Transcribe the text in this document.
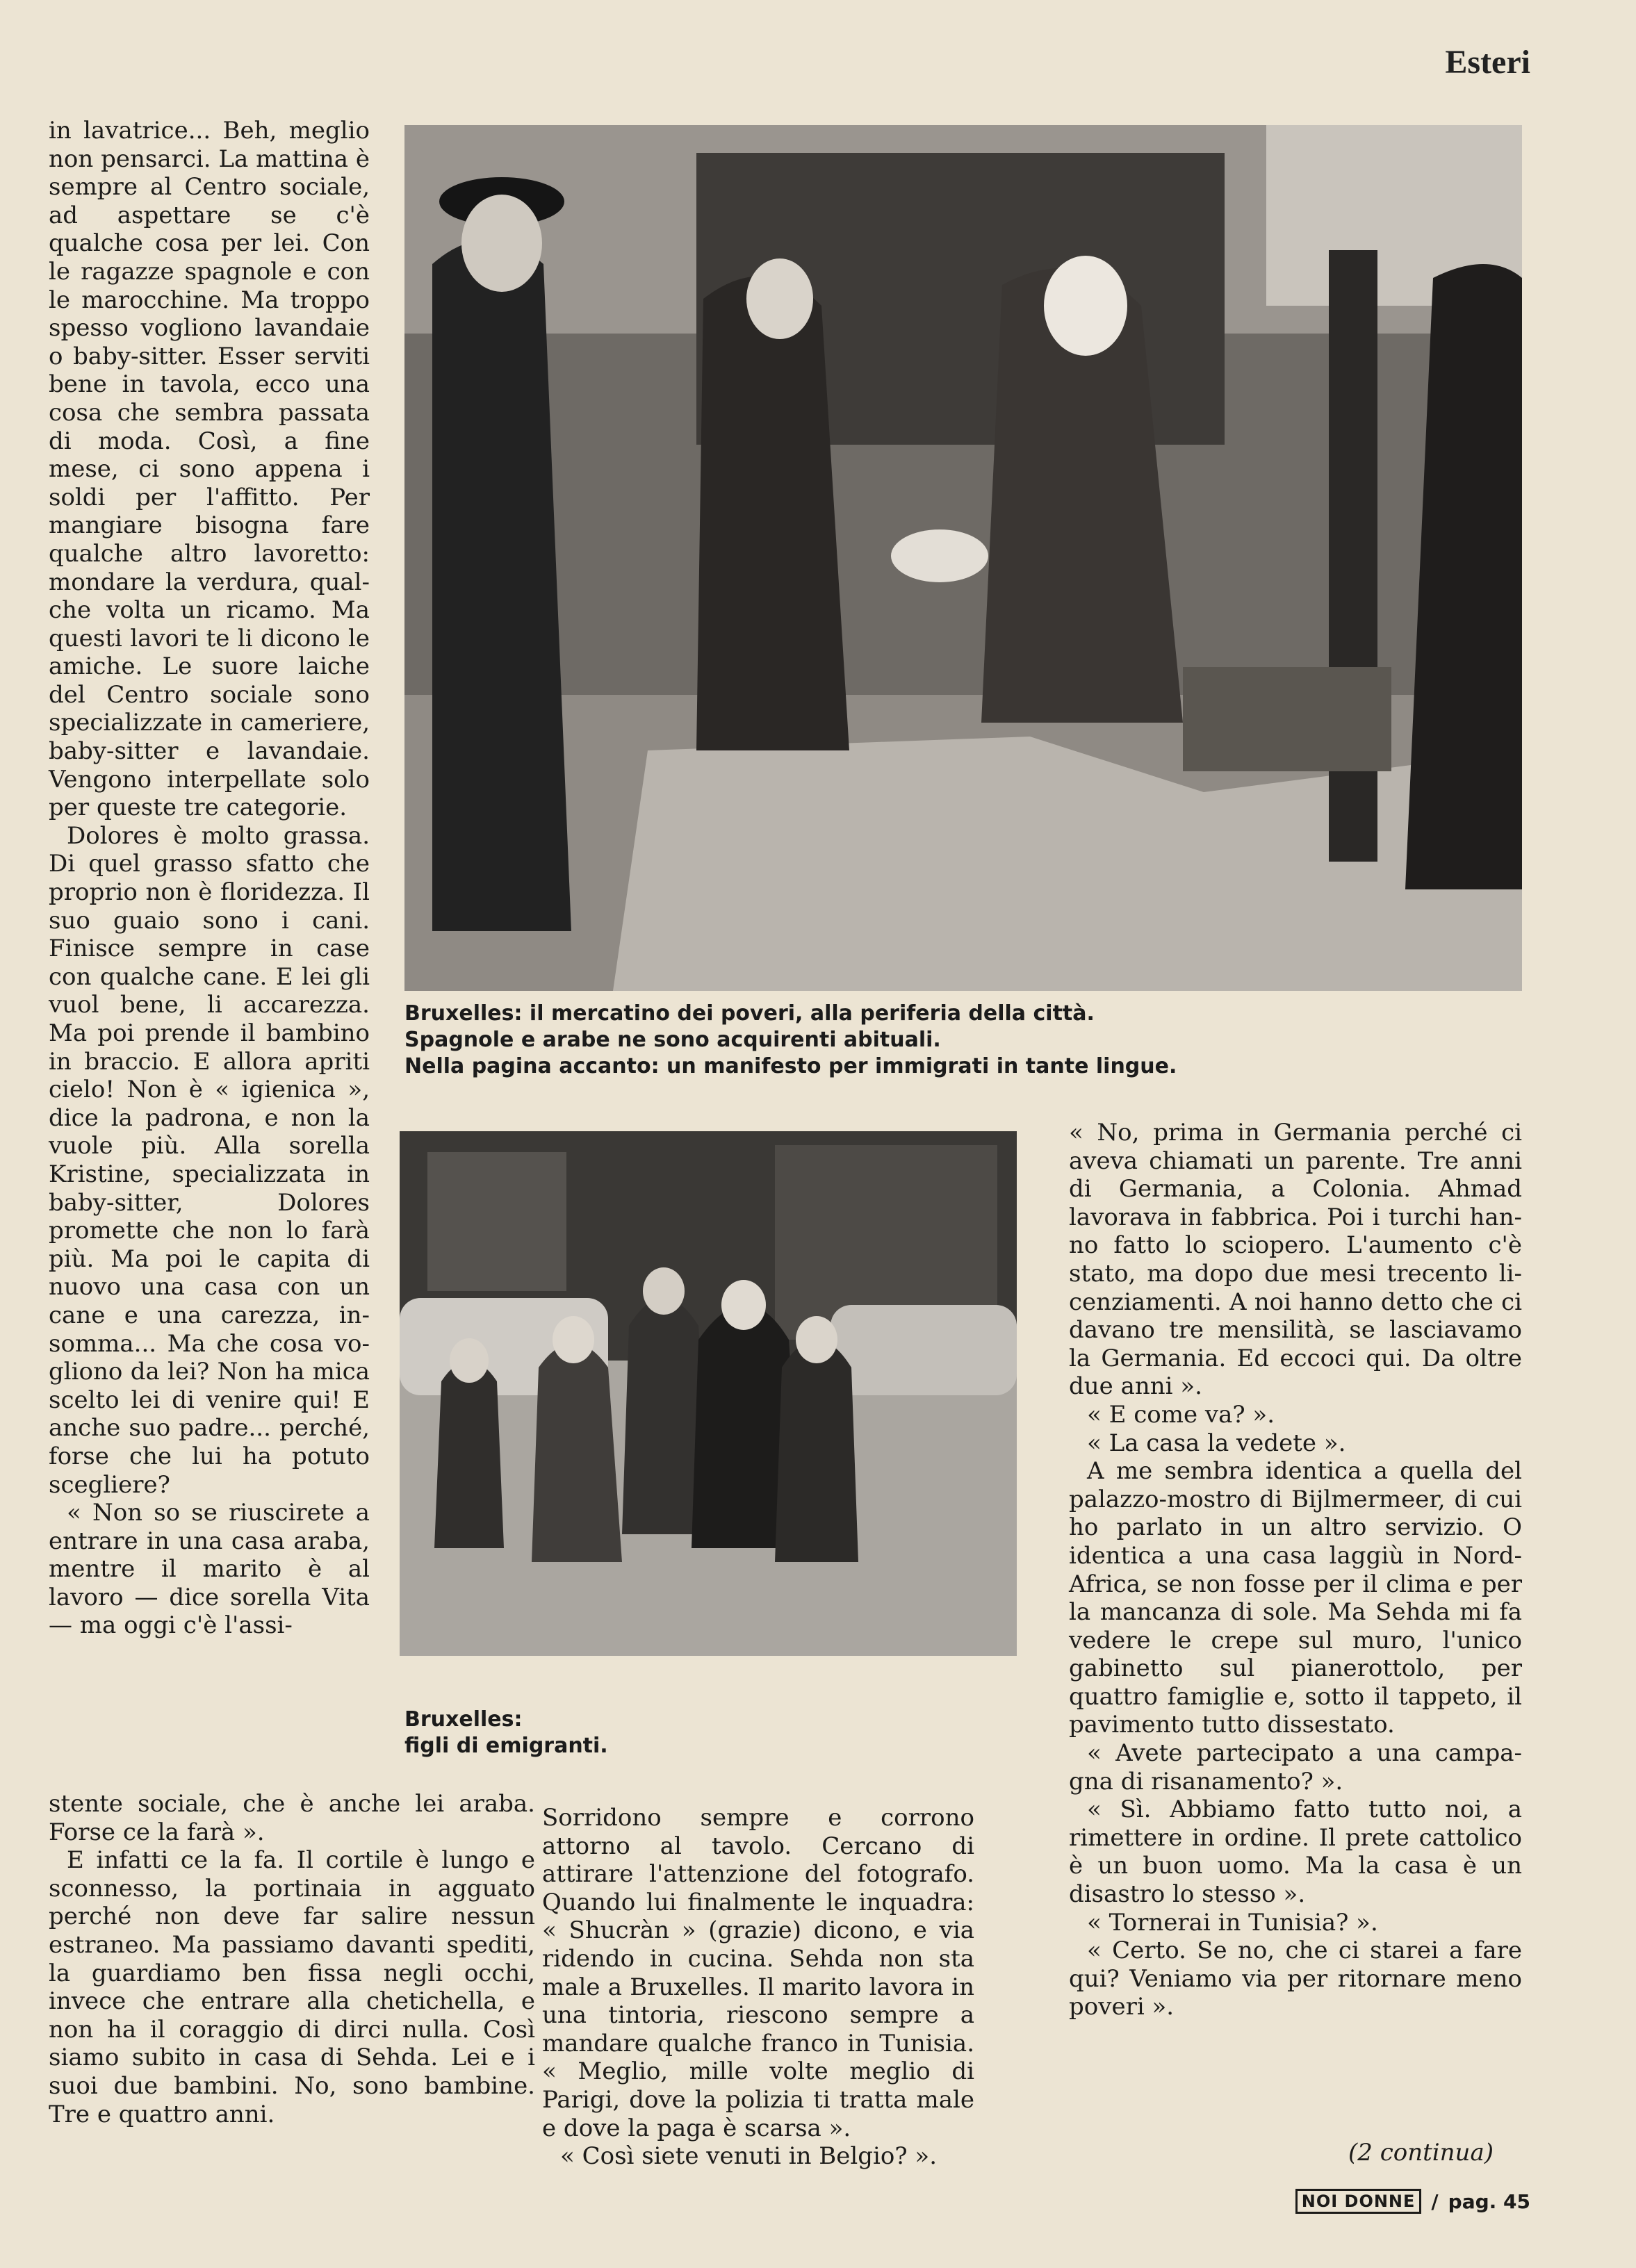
Esteri

in lavatrice... Beh, meglio non pensarci. La mattina è sempre al Centro sociale, ad aspettare se c'è qualche cosa per lei. Con le ragazze spagnole e con le marocchine. Ma troppo spesso vogliono lavandaie o baby-sitter. Esser serviti bene in tavola, ecco una cosa che sembra passata di moda. Così, a fine mese, ci sono appena i soldi per l'affitto. Per mangiare bisogna fare qualche altro lavoretto: mondare la verdura, qualche volta un ricamo. Ma questi lavori te li dicono le amiche. Le suore laiche del Centro sociale sono specializzate in cameriere, baby-sitter e lavandaie. Vengono interpellate solo per queste tre categorie.

Dolores è molto grassa. Di quel grasso sfatto che proprio non è floridezza. Il suo guaio sono i cani. Finisce sempre in case con qualche cane. E lei gli vuol bene, li accarezza. Ma poi prende il bambino in braccio. E allora apriti cielo! Non è « igienica », dice la padrona, e non la vuole più. Alla sorella Kristine, specializzata in baby-sitter, Dolores promette che non lo farà più. Ma poi le capita di nuovo una casa con un cane e una carezza, insomma... Ma che cosa vogliono da lei? Non ha mica scelto lei di venire qui! E anche suo padre... perché, forse che lui ha potuto scegliere?

« Non so se riuscirete a entrare in una casa araba, mentre il marito è al lavoro — dice sorella Vita — ma oggi c'è l'assi-

Bruxelles: il mercatino dei poveri, alla periferia della città.
Spagnole e arabe ne sono acquirenti abituali.
Nella pagina accanto: un manifesto per immigrati in tante lingue.
Bruxelles:
figli di emigranti.

stente sociale, che è anche lei araba. Forse ce la farà ».

E infatti ce la fa. Il cortile è lungo e sconnesso, la portinaia in agguato perché non deve far salire nessun estraneo. Ma passiamo davanti spediti, la guardiamo ben fissa negli occhi, invece che entrare alla chetichella, e non ha il coraggio di dirci nulla. Così siamo subito in casa di Sehda. Lei e i suoi due bambini. No, sono bambine. Tre e quattro anni.

Sorridono sempre e corrono attorno al tavolo. Cercano di attirare l'attenzione del fotografo. Quando lui finalmente le inquadra: « Shucràn » (grazie) dicono, e via ridendo in cucina. Sehda non sta male a Bruxelles. Il marito lavora in una tintoria, riescono sempre a mandare qualche franco in Tunisia. « Meglio, mille volte meglio di Parigi, dove la polizia ti tratta male e dove la paga è scarsa ».

« Così siete venuti in Belgio? ».

« No, prima in Germania perché ci aveva chiamati un parente. Tre anni di Germania, a Colonia. Ahmad lavorava in fabbrica. Poi i turchi hanno fatto lo sciopero. L'aumento c'è stato, ma dopo due mesi trecento licenziamenti. A noi hanno detto che ci davano tre mensilità, se lasciavamo la Germania. Ed eccoci qui. Da oltre due anni ».

« E come va? ».

« La casa la vedete ».

A me sembra identica a quella del palazzo-mostro di Bijlmermeer, di cui ho parlato in un altro servizio. O identica a una casa laggiù in Nord-Africa, se non fosse per il clima e per la mancanza di sole. Ma Sehda mi fa vedere le crepe sul muro, l'unico gabinetto sul pianerottolo, per quattro famiglie e, sotto il tappeto, il pavimento tutto dissestato.

« Avete partecipato a una campagna di risanamento? ».

« Sì. Abbiamo fatto tutto noi, a rimettere in ordine. Il prete cattolico è un buon uomo. Ma la casa è un disastro lo stesso ».

« Tornerai in Tunisia? ».

« Certo. Se no, che ci starei a fare qui? Veniamo via per ritornare meno poveri ».

(2 continua)
NOI DONNE / pag. 45
